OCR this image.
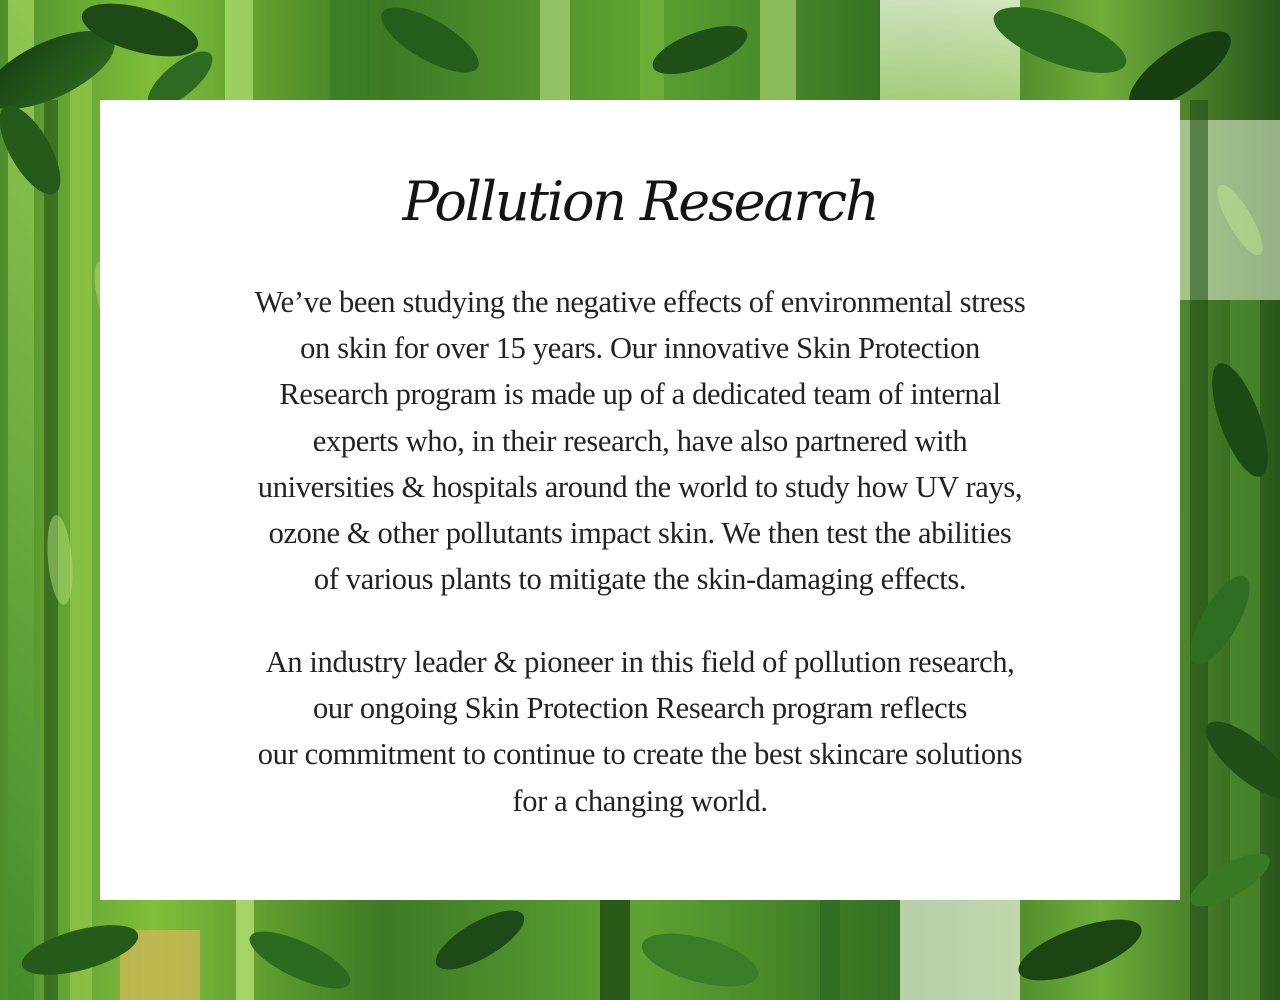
Pollution Research

We’ve been studying the negative effects of environmental stress
on skin for over 15 years. Our innovative Skin Protection
Research program is made up of a dedicated team of internal
experts who, in their research, have also partnered with
universities & hospitals around the world to study how UV rays,
ozone & other pollutants impact skin. We then test the abilities
of various plants to mitigate the skin-damaging effects.

An industry leader & pioneer in this field of pollution research,
our ongoing Skin Protection Research program reflects
our commitment to continue to create the best skincare solutions
for a changing world.
